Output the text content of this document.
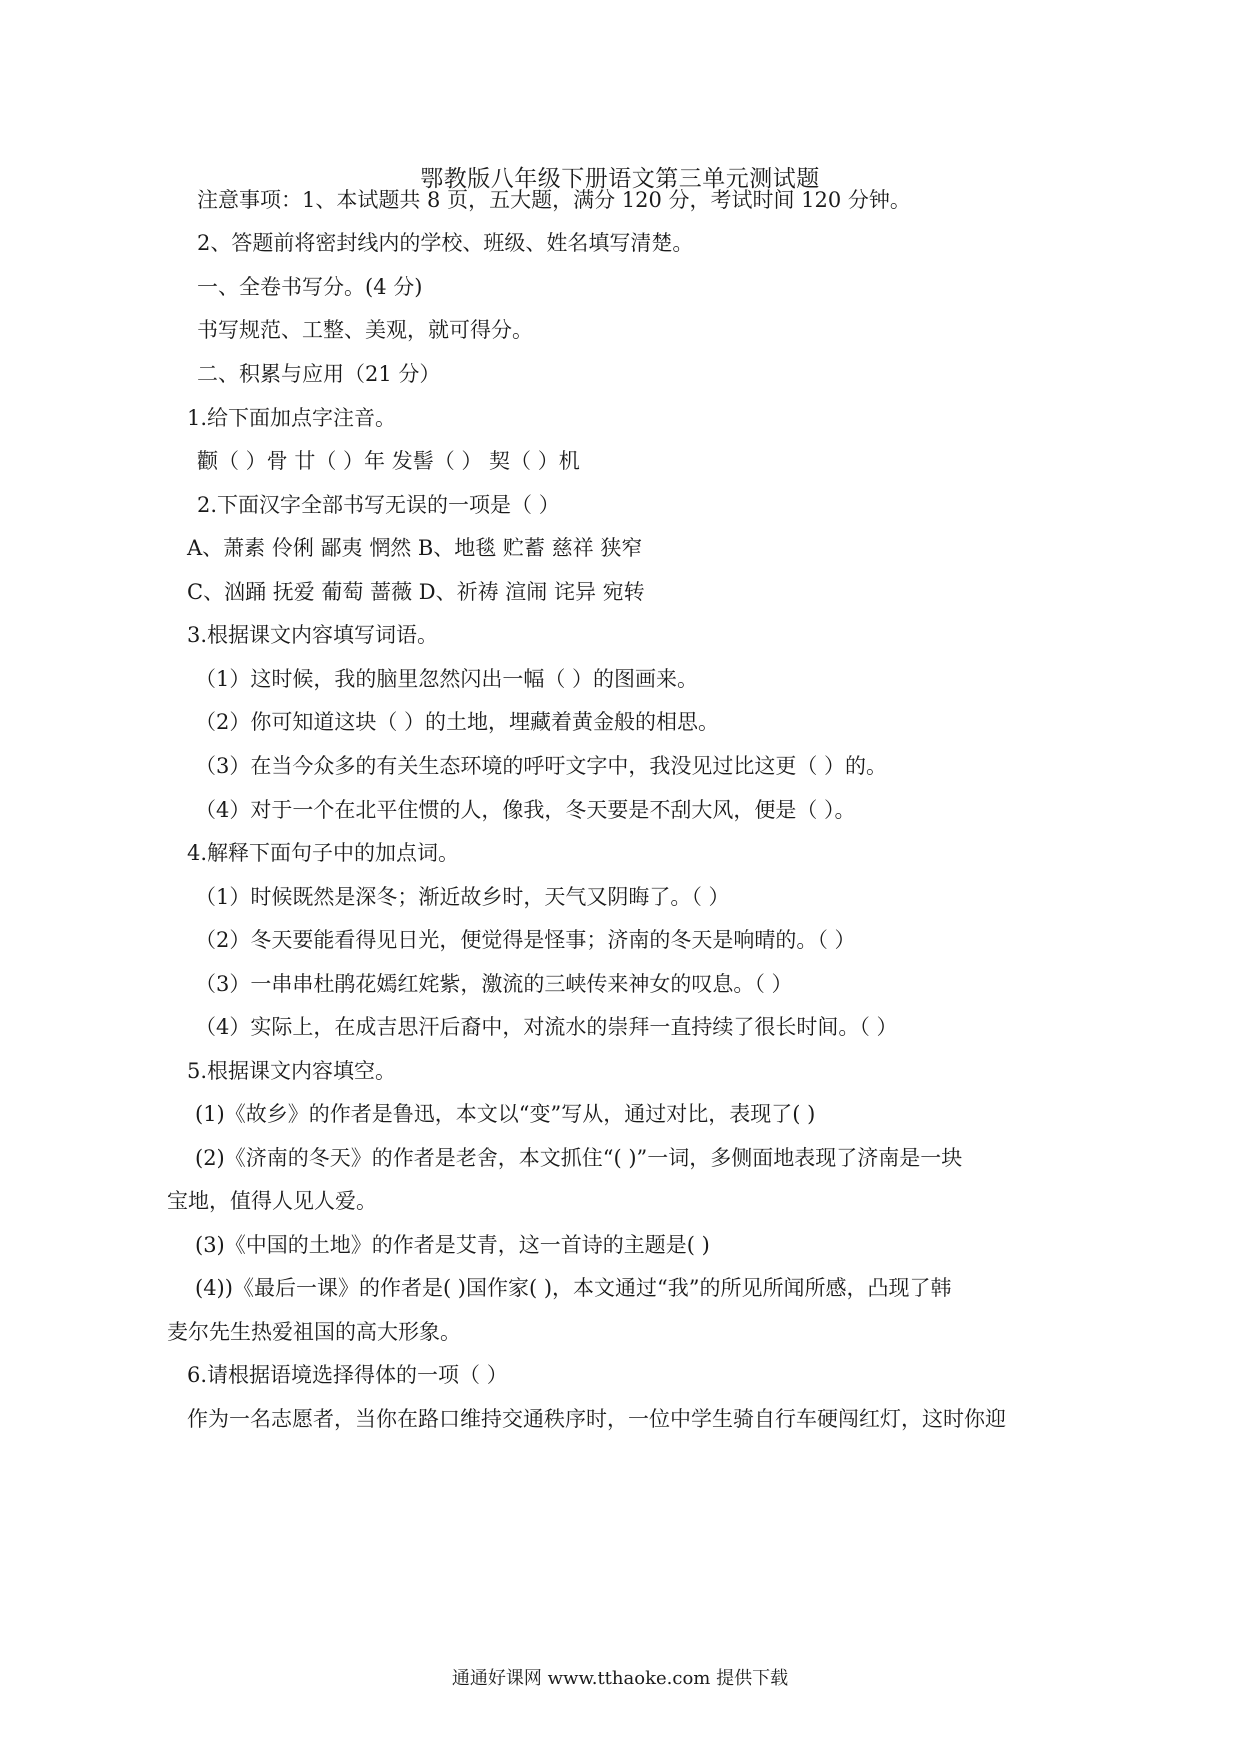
鄂教版八年级下册语文第三单元测试题
注意事项：1、本试题共 8 页，五大题，满分 120 分，考试时间 120 分钟。
2、答题前将密封线内的学校、班级、姓名填写清楚。
一、全卷书写分。(4 分)
书写规范、工整、美观，就可得分。
二、积累与应用（21 分）
1.给下面加点字注音。
颧（ ）骨 廿（ ）年 发髻（ ） 契（ ）机
2.下面汉字全部书写无误的一项是（ ）
A、萧素 伶俐 鄙夷 惘然 B、地毯 贮蓄 慈祥 狭窄
C、汹踊 抚爱 葡萄 蔷薇 D、祈祷 渲闹 诧异 宛转
3.根据课文内容填写词语。
（1）这时候，我的脑里忽然闪出一幅（ ）的图画来。
（2）你可知道这块（ ）的土地，埋藏着黄金般的相思。
（3）在当今众多的有关生态环境的呼吁文字中，我没见过比这更（ ）的。
（4）对于一个在北平住惯的人，像我，冬天要是不刮大风，便是（ ）。
4.解释下面句子中的加点词。
（1）时候既然是深冬；渐近故乡时，天气又阴晦了。（ ）
（2）冬天要能看得见日光，便觉得是怪事；济南的冬天是响晴的。（ ）
（3）一串串杜鹃花嫣红姹紫，激流的三峡传来神女的叹息。（ ）
（4）实际上，在成吉思汗后裔中，对流水的崇拜一直持续了很长时间。（ ）
5.根据课文内容填空。
(1)《故乡》的作者是鲁迅，本文以“变”写从，通过对比，表现了( )
(2)《济南的冬天》的作者是老舍，本文抓住“( )”一词，多侧面地表现了济南是一块
宝地，值得人见人爱。
(3)《中国的土地》的作者是艾青，这一首诗的主题是( )
(4))《最后一课》的作者是( )国作家( )，本文通过“我”的所见所闻所感，凸现了韩
麦尔先生热爱祖国的高大形象。
6.请根据语境选择得体的一项（ ）
作为一名志愿者，当你在路口维持交通秩序时，一位中学生骑自行车硬闯红灯，这时你迎
通通好课网 www.tthaoke.com 提供下载
